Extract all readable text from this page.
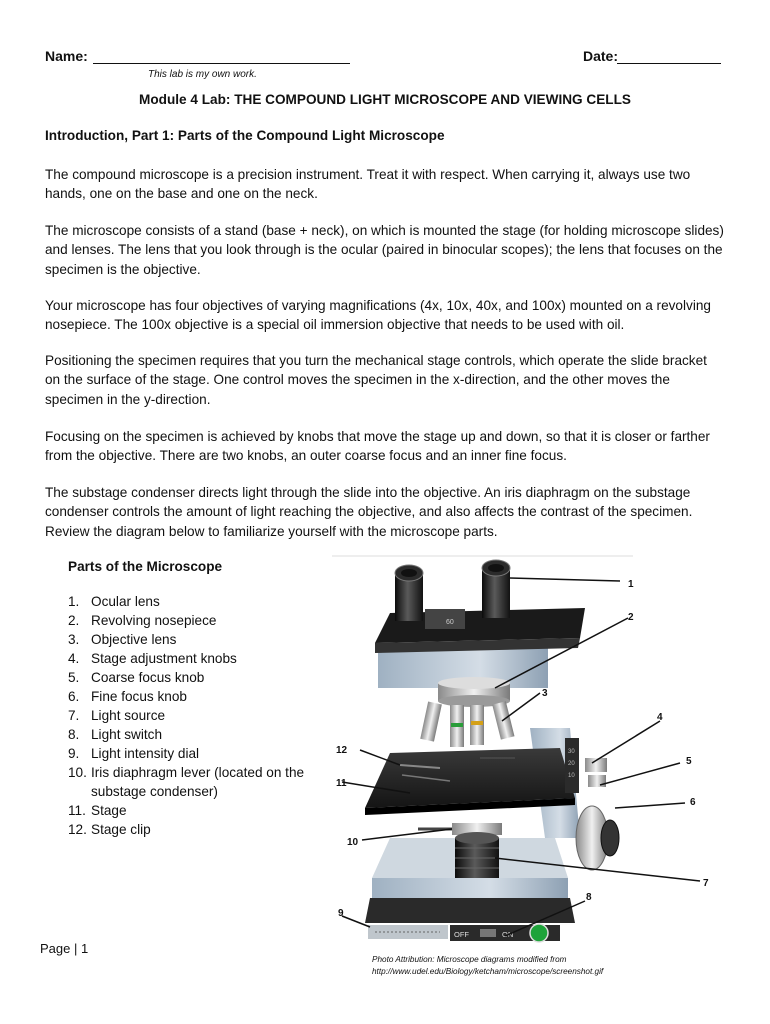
Name:	Date:
This lab is my own work.
Module 4 Lab: THE COMPOUND LIGHT MICROSCOPE AND VIEWING CELLS
Introduction, Part 1: Parts of the Compound Light Microscope

The compound microscope is a precision instrument. Treat it with respect. When carrying it, always use two hands, one on the base and one on the neck.

The microscope consists of a stand (base + neck), on which is mounted the stage (for holding microscope slides) and lenses. The lens that you look through is the ocular (paired in binocular scopes); the lens that focuses on the specimen is the objective.

Your microscope has four objectives of varying magnifications (4x, 10x, 40x, and 100x) mounted on a revolving nosepiece. The 100x objective is a special oil immersion objective that needs to be used with oil.

Positioning the specimen requires that you turn the mechanical stage controls, which operate the slide bracket on the surface of the stage. One control moves the specimen in the x-direction, and the other moves the specimen in the y-direction.

Focusing on the specimen is achieved by knobs that move the stage up and down, so that it is closer or farther from the objective. There are two knobs, an outer coarse focus and an inner fine focus.

The substage condenser directs light through the slide into the objective. An iris diaphragm on the substage condenser controls the amount of light reaching the objective, and also affects the contrast of the specimen. Review the diagram below to familiarize yourself with the microscope parts.

Parts of the Microscope
1. Ocular lens
2. Revolving nosepiece
3. Objective lens
4. Stage adjustment knobs
5. Coarse focus knob
6. Fine focus knob
7. Light source
8. Light switch
9. Light intensity dial
10. Iris diaphragm lever (located on the substage condenser)
11. Stage
12. Stage clip
60
30
20
10
OFF	ON
1
2
3
4
5
6
7
8
9
10
11
12
Photo Attribution: Microscope diagrams modified from http://www.udel.edu/Biology/ketcham/microscope/screenshot.gif
Page | 1
